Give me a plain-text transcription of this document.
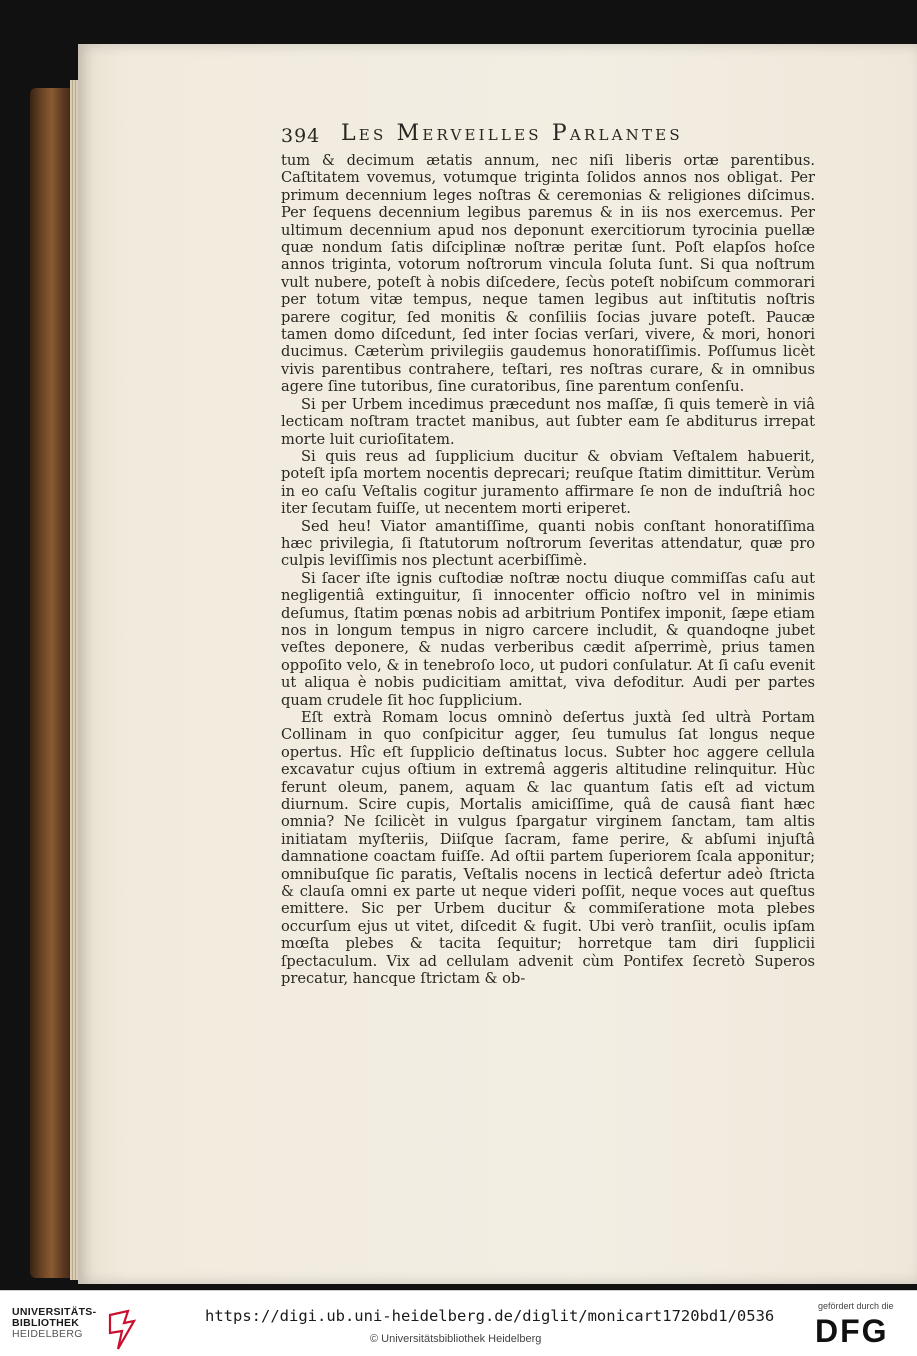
394 Les Merveilles Parlantes

tum & decimum ætatis annum, nec niſi liberis ortæ parentibus. Caſtitatem vovemus, votumque triginta ſolidos annos nos obligat. Per primum decennium leges noſtras & ceremonias & religiones diſcimus. Per ſequens decennium legibus paremus & in iis nos exercemus. Per ultimum decennium apud nos deponunt exercitiorum tyrocinia puellæ quæ nondum ſatis diſciplinæ noſtræ peritæ ſunt. Poſt elapſos hoſce annos triginta, votorum noſtrorum vincula ſoluta ſunt. Si qua noſtrum vult nubere, poteſt à nobis diſcedere, ſecùs poteſt nobiſcum commorari per totum vitæ tempus, neque tamen legibus aut inſtitutis noſtris parere cogitur, ſed monitis & conſiliis ſocias juvare poteſt. Paucæ tamen domo diſcedunt, ſed inter ſocias verſari, vivere, & mori, honori ducimus. Cæterùm privilegiis gaudemus honoratiſſimis. Poſſumus licèt vivis parentibus contrahere, teſtari, res noſtras curare, & in omnibus agere ſine tutoribus, ſine curatoribus, ſine parentum conſenſu.

Si per Urbem incedimus præcedunt nos maſſæ, ſi quis temerè in viâ lecticam noſtram tractet manibus, aut ſubter eam ſe abditurus irrepat morte luit curioſitatem.

Si quis reus ad ſupplicium ducitur & obviam Veſtalem habuerit, poteſt ipſa mortem nocentis deprecari; reuſque ſtatim dimittitur. Verùm in eo caſu Veſtalis cogitur juramento affirmare ſe non de induſtriâ hoc iter ſecutam fuiſſe, ut necentem morti eriperet.

Sed heu! Viator amantiſſime, quanti nobis conſtant honoratiſſima hæc privilegia, ſi ſtatutorum noſtrorum ſeveritas attendatur, quæ pro culpis leviſſimis nos plectunt acerbiſſimè.

Si ſacer iſte ignis cuſtodiæ noſtræ noctu diuque commiſſas caſu aut negligentiâ extinguitur, ſi innocenter officio noſtro vel in minimis deſumus, ſtatim pœnas nobis ad arbitrium Pontifex imponit, ſæpe etiam nos in longum tempus in nigro carcere includit, & quandoqne jubet veſtes deponere, & nudas verberibus cædit aſperrimè, prius tamen oppoſito velo, & in tenebroſo loco, ut pudori conſulatur. At ſi caſu evenit ut aliqua è nobis pudicitiam amittat, viva defoditur. Audi per partes quam crudele ſit hoc ſupplicium.

Eſt extrà Romam locus omninò deſertus juxtà ſed ultrà Portam Collinam in quo conſpicitur agger, ſeu tumulus ſat longus neque opertus. Hîc eſt ſupplicio deſtinatus locus. Subter hoc aggere cellula excavatur cujus oſtium in extremâ aggeris altitudine relinquitur. Hùc ferunt oleum, panem, aquam & lac quantum ſatis eſt ad victum diurnum. Scire cupis, Mortalis amiciſſime, quâ de causâ fiant hæc omnia? Ne ſcilicèt in vulgus ſpargatur virginem ſanctam, tam altis initiatam myſteriis, Diiſque ſacram, fame perire, & abſumi injuſtâ damnatione coactam fuiſſe. Ad oſtii partem ſuperiorem ſcala apponitur; omnibuſque ſic paratis, Veſtalis nocens in lecticâ defertur adeò ſtricta & clauſa omni ex parte ut neque videri poſſit, neque voces aut queſtus emittere. Sic per Urbem ducitur & commiſeratione mota plebes occurſum ejus ut vitet, diſcedit & fugit. Ubi verò tranſiit, oculis ipſam mœſta plebes & tacita ſequitur; horretque tam diri ſupplicii ſpectaculum. Vix ad cellulam advenit cùm Pontifex ſecretò Superos precatur, hancque ſtrictam & ob-

UNIVERSITÄTS-
BIBLIOTHEK
HEIDELBERG
https://digi.ub.uni-heidelberg.de/diglit/monicart1720bd1/0536
© Universitätsbibliothek Heidelberg
gefördert durch die
DFG
